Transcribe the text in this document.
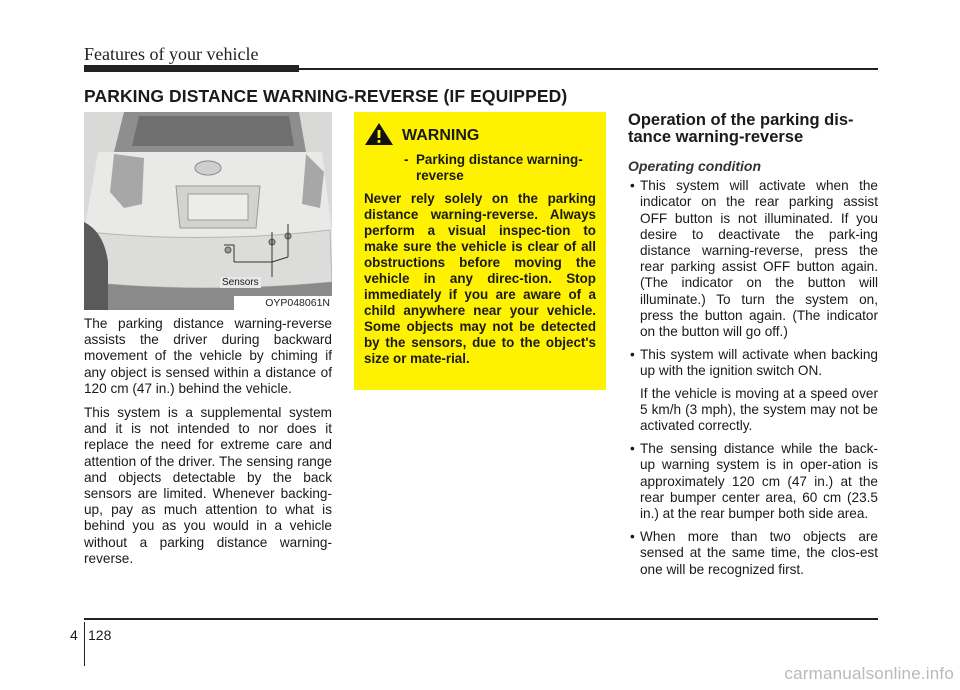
Features of your vehicle
PARKING DISTANCE WARNING-REVERSE (IF EQUIPPED)
Sensors
OYP048061N

The parking distance warning-reverse assists the driver during backward movement of the vehicle by chiming if any object is sensed within a distance of 120 cm (47 in.) behind the vehicle.

This system is a supplemental system and it is not intended to nor does it replace the need for extreme care and attention of the driver. The sensing range and objects detectable by the back sensors are limited. Whenever backing-up, pay as much attention to what is behind you as you would in a vehicle without a parking distance warning-reverse.

WARNING
- Parking distance warning-
reverse
Never rely solely on the parking distance warning-reverse. Always perform a visual inspec-tion to make sure the vehicle is clear of all obstructions before moving the vehicle in any direc-tion. Stop immediately if you are aware of a child anywhere near your vehicle. Some objects may not be detected by the sensors, due to the object's size or mate-rial.
Operation of the parking dis-
tance warning-reverse
Operating condition
• This system will activate when the indicator on the rear parking assist OFF button is not illuminated. If you desire to deactivate the park-ing distance warning-reverse, press the rear parking assist OFF button again. (The indicator on the button will illuminate.) To turn the system on, press the button again. (The indicator on the button will go off.)
• This system will activate when backing up with the ignition switch ON.
If the vehicle is moving at a speed over 5 km/h (3 mph), the system may not be activated correctly.
• The sensing distance while the back-up warning system is in oper-ation is approximately 120 cm (47 in.) at the rear bumper center area, 60 cm (23.5 in.) at the rear bumper both side area.
• When more than two objects are sensed at the same time, the clos-est one will be recognized first.
4 128
carmanualsonline.info
